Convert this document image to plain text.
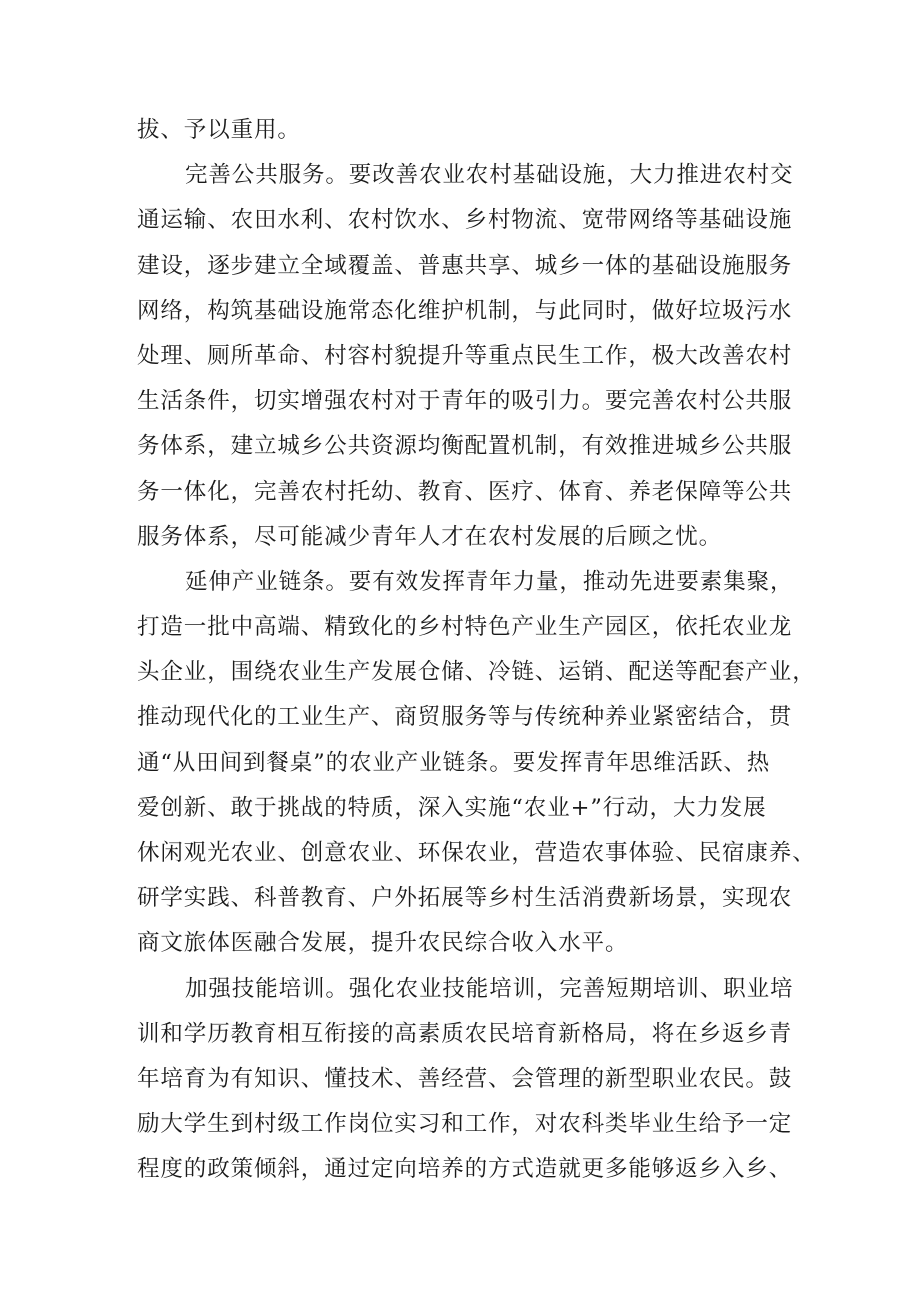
拔、予以重用。
完善公共服务。要改善农业农村基础设施，大力推进农村交
通运输、农田水利、农村饮水、乡村物流、宽带网络等基础设施
建设，逐步建立全域覆盖、普惠共享、城乡一体的基础设施服务
网络，构筑基础设施常态化维护机制，与此同时，做好垃圾污水
处理、厕所革命、村容村貌提升等重点民生工作，极大改善农村
生活条件，切实增强农村对于青年的吸引力。要完善农村公共服
务体系，建立城乡公共资源均衡配置机制，有效推进城乡公共服
务一体化，完善农村托幼、教育、医疗、体育、养老保障等公共
服务体系，尽可能减少青年人才在农村发展的后顾之忧。
延伸产业链条。要有效发挥青年力量，推动先进要素集聚，
打造一批中高端、精致化的乡村特色产业生产园区，依托农业龙
头企业，围绕农业生产发展仓储、冷链、运销、配送等配套产业，
推动现代化的工业生产、商贸服务等与传统种养业紧密结合，贯
通“从田间到餐桌”的农业产业链条。要发挥青年思维活跃、热
爱创新、敢于挑战的特质，深入实施“农业+”行动，大力发展
休闲观光农业、创意农业、环保农业，营造农事体验、民宿康养、
研学实践、科普教育、户外拓展等乡村生活消费新场景，实现农
商文旅体医融合发展，提升农民综合收入水平。
加强技能培训。强化农业技能培训，完善短期培训、职业培
训和学历教育相互衔接的高素质农民培育新格局，将在乡返乡青
年培育为有知识、懂技术、善经营、会管理的新型职业农民。鼓
励大学生到村级工作岗位实习和工作，对农科类毕业生给予一定
程度的政策倾斜，通过定向培养的方式造就更多能够返乡入乡、
